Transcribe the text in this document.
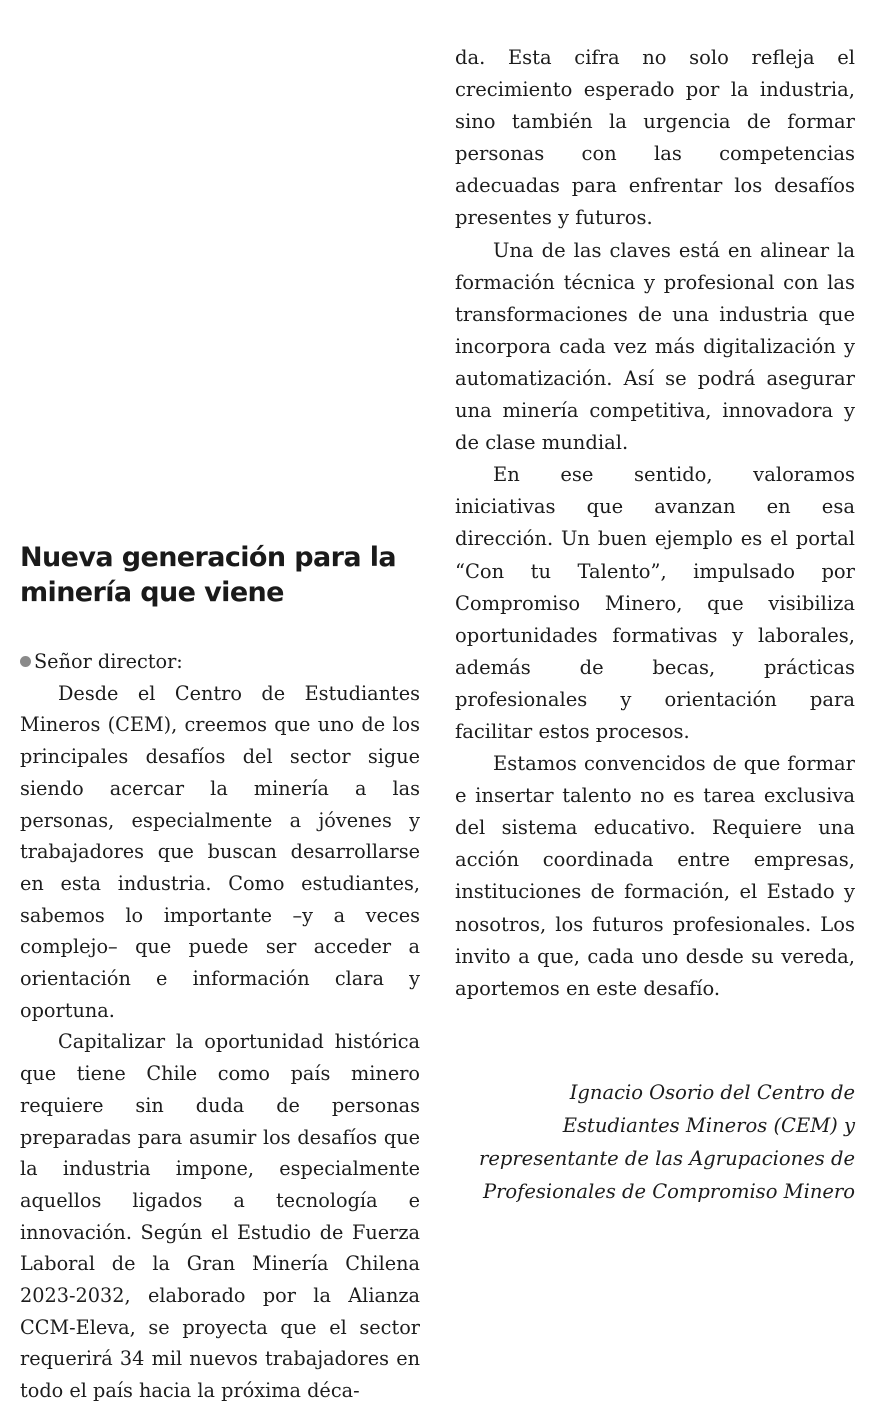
Nueva generación para la minería que viene

Señor director:

Desde el Centro de Estudiantes Mineros (CEM), creemos que uno de los principales desafíos del sector sigue siendo acercar la minería a las personas, especialmente a jóvenes y trabajadores que buscan desarrollarse en esta industria. Como estudiantes, sabemos lo importante –y a veces complejo– que puede ser acceder a orientación e información clara y oportuna.

Capitalizar la oportunidad histórica que tiene Chile como país minero requiere sin duda de personas preparadas para asumir los desafíos que la industria impone, especialmente aquellos ligados a tecnología e innovación. Según el Estudio de Fuerza Laboral de la Gran Minería Chilena 2023-2032, elaborado por la Alianza CCM-Eleva, se proyecta que el sector requerirá 34 mil nuevos trabajadores en todo el país hacia la próxima déca-

da. Esta cifra no solo refleja el crecimiento esperado por la industria, sino también la urgencia de formar personas con las competencias adecuadas para enfrentar los desafíos presentes y futuros.

Una de las claves está en alinear la formación técnica y profesional con las transformaciones de una industria que incorpora cada vez más digitalización y automatización. Así se podrá asegurar una minería competitiva, innovadora y de clase mundial.

En ese sentido, valoramos iniciativas que avanzan en esa dirección. Un buen ejemplo es el portal “Con tu Talento”, impulsado por Compromiso Minero, que visibiliza oportunidades formativas y laborales, además de becas, prácticas profesionales y orientación para facilitar estos procesos.

Estamos convencidos de que formar e insertar talento no es tarea exclusiva del sistema educativo. Requiere una acción coordinada entre empresas, instituciones de formación, el Estado y nosotros, los futuros profesionales. Los invito a que, cada uno desde su vereda, aportemos en este desafío.

Ignacio Osorio del Centro de Estudiantes Mineros (CEM) y representante de las Agrupaciones de Profesionales de Compromiso Minero
